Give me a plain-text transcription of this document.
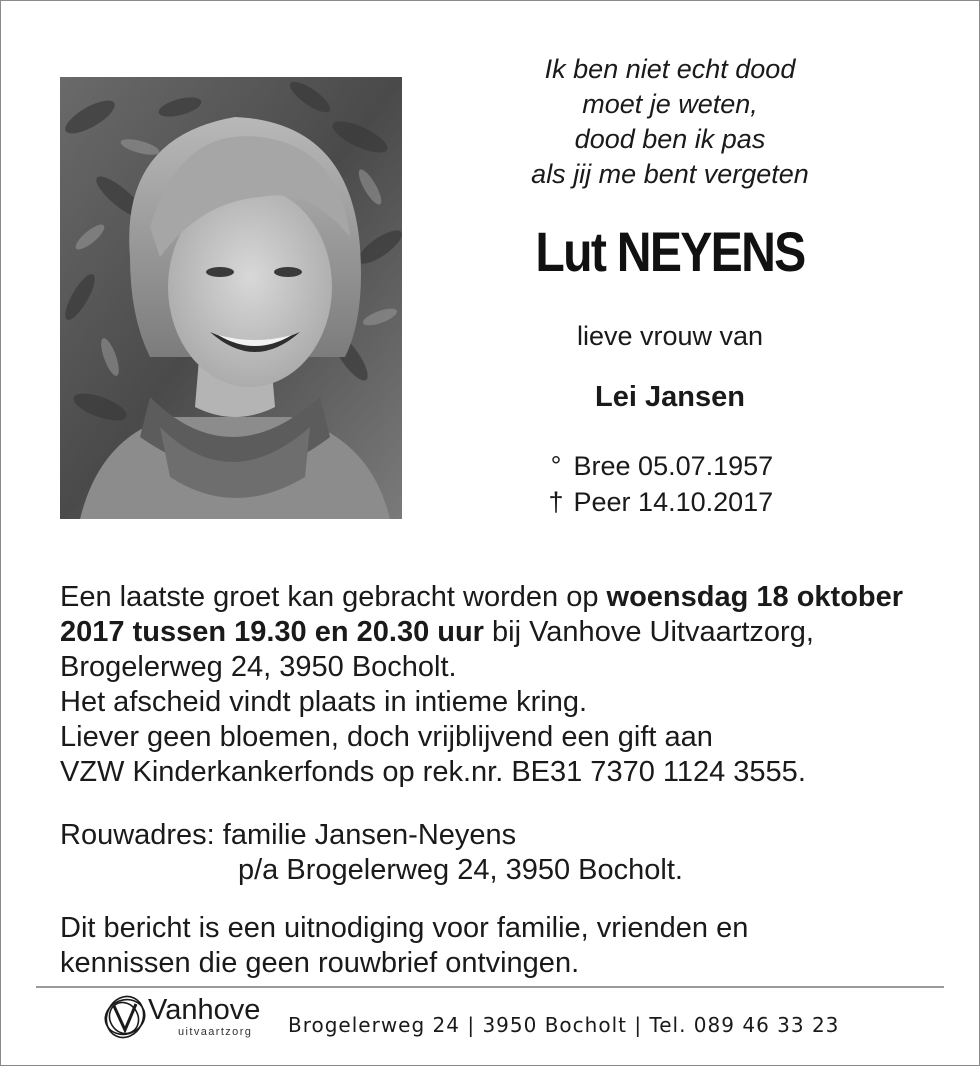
Ik ben niet echt dood
moet je weten,
dood ben ik pas
als jij me bent vergeten
Lut NEYENS
lieve vrouw van
Lei Jansen
° Bree 05.07.1957
† Peer 14.10.2017

Een laatste groet kan gebracht worden op woensdag 18 oktober 2017 tussen 19.30 en 20.30 uur bij Vanhove Uitvaartzorg, Brogelerweg 24, 3950 Bocholt.

Het afscheid vindt plaats in intieme kring.
Liever geen bloemen, doch vrijblijvend een gift aan
VZW Kinderkankerfonds op rek.nr. BE31 7370 1124 3555.
Rouwadres: familie Jansen-Neyens
p/a Brogelerweg 24, 3950 Bocholt.
Dit bericht is een uitnodiging voor familie, vrienden en
kennissen die geen rouwbrief ontvingen.
Vanhove
uitvaartzorg Brogelerweg 24 | 3950 Bocholt | Tel. 089 46 33 23
